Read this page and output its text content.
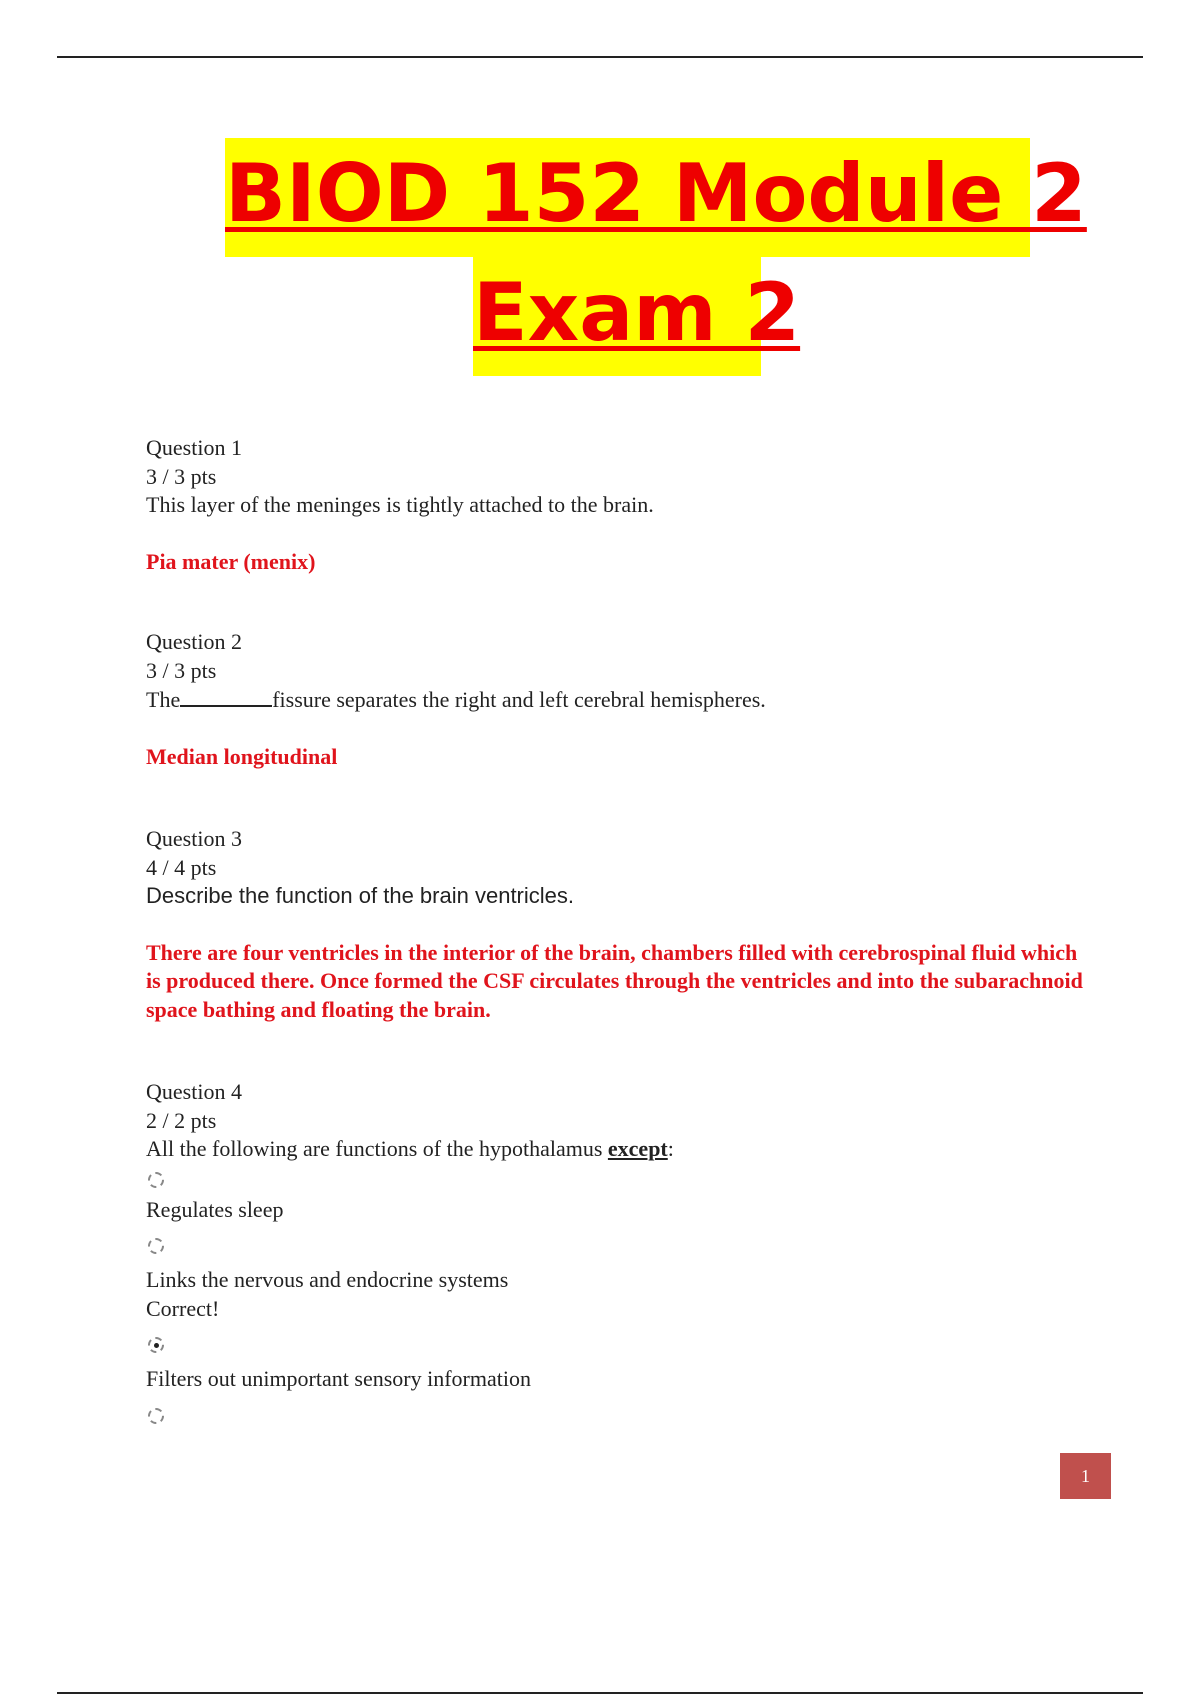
BIOD 152 Module 2
Exam 2
Question 1
3 / 3 pts
This layer of the meninges is tightly attached to the brain.
Pia mater (menix)
Question 2
3 / 3 pts
The	fissure separates the right and left cerebral hemispheres.
Median longitudinal
Question 3
4 / 4 pts
Describe the function of the brain ventricles.
There are four ventricles in the interior of the brain, chambers filled with cerebrospinal fluid which is produced there. Once formed the CSF circulates through the ventricles and into the subarachnoid space bathing and floating the brain.
Question 4
2 / 2 pts
All the following are functions of the hypothalamus except:
Regulates sleep
Links the nervous and endocrine systems
Correct!
Filters out unimportant sensory information
1
